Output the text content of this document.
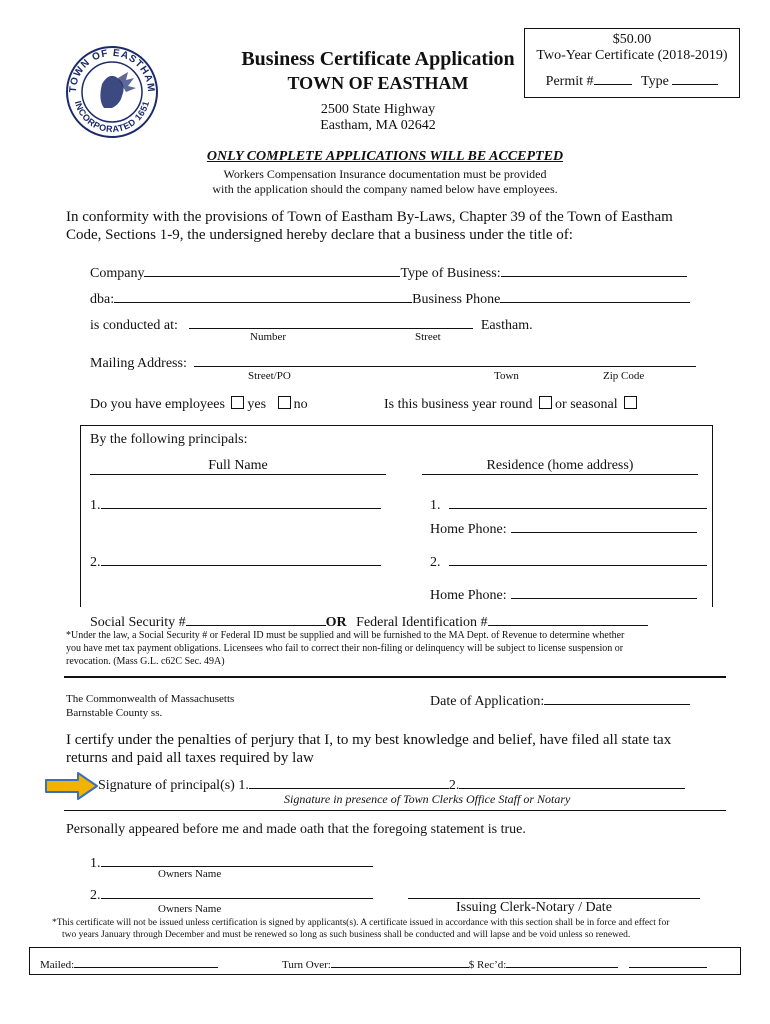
TOWN OF EASTHAM
INCORPORATED 1651
Business Certificate Application
TOWN OF EASTHAM
2500 State Highway
Eastham, MA 02642
$50.00
Two-Year Certificate (2018-2019)
Permit #	Type
ONLY COMPLETE APPLICATIONS WILL BE ACCEPTED
Workers Compensation Insurance documentation must be provided
with the application should the company named below have employees.
In conformity with the provisions of Town of Eastham By-Laws, Chapter 39 of the Town of Eastham
Code, Sections 1-9, the undersigned hereby declare that a business under the title of:
Company	Type of Business:
dba:	Business Phone
is conducted at:	Eastham.
Number	Street
Mailing Address:
Street/PO	Town	Zip Code
Do you have employees yes no	Is this business year round or seasonal
By the following principals:
Full Name	Residence (home address)
1.	1.
Home Phone:
2.	2.
Home Phone:
Social Security #	OR Federal Identification #
*Under the law, a Social Security # or Federal ID must be supplied and will be furnished to the MA Dept. of Revenue to determine whether
you have met tax payment obligations. Licensees who fail to correct their non-filing or delinquency will be subject to license suspension or
revocation. (Mass G.L. c62C Sec. 49A)
The Commonwealth of Massachusetts
Barnstable County ss.
Date of Application:
I certify under the penalties of perjury that I, to my best knowledge and belief, have filed all state tax
returns and paid all taxes required by law
Signature of principal(s) 1.	2.
Signature in presence of Town Clerks Office Staff or Notary
Personally appeared before me and made oath that the foregoing statement is true.
1.
Owners Name
2.
Owners Name	Issuing Clerk-Notary / Date
*This certificate will not be issued unless certification is signed by applicants(s). A certificate issued in accordance with this section shall be in force and effect for
two years January through December and must be renewed so long as such business shall be conducted and will lapse and be void unless so renewed.
Mailed:	Turn Over:	$ Rec’d:
